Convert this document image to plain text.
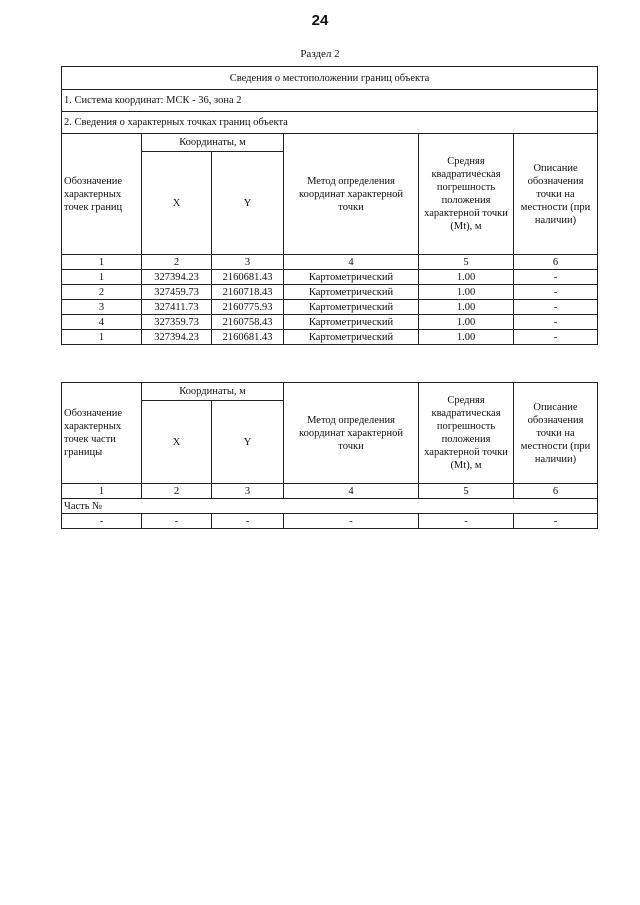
24
Раздел 2
Сведения о местоположении границ объекта					
1. Система координат: МСК - 36, зона 2					
2. Сведения о характерных точках границ объекта					
Обозначение характерных точек границ	Координаты, м		Метод определения координат характерной точки	Средняя квадратическая погрешность положения характерной точки (Mt), м	Описание обозначения точки на местности (при наличии)
	X	Y			
1	2	3	4	5	6
1	327394.23	2160681.43	Картометрический	1.00	-
2	327459.73	2160718.43	Картометрический	1.00	-
3	327411.73	2160775.93	Картометрический	1.00	-
4	327359.73	2160758.43	Картометрический	1.00	-
1	327394.23	2160681.43	Картометрический	1.00	-
Обозначение характерных
точек части
границы	Координаты, м		Метод определения координат характерной точки	Средняя квадратическая погрешность положения характерной точки (Mt), м	Описание обозначения точки на местности (при наличии)
	X	Y			
1	2	3	4	5	6
Часть №					
-	-	-	-	-	-
